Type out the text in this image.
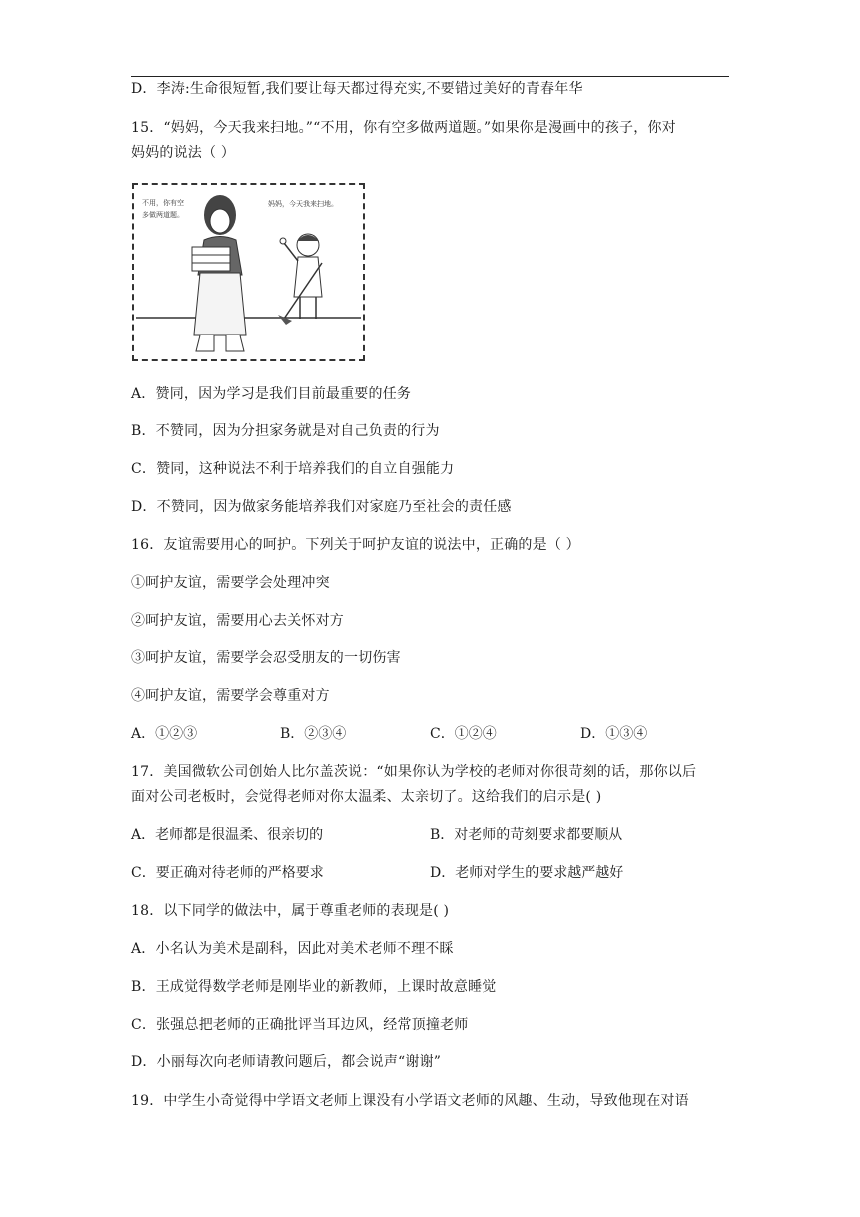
D．李涛:生命很短暂,我们要让每天都过得充实,不要错过美好的青春年华
15．“妈妈，今天我来扫地。”“不用，你有空多做两道题。”如果你是漫画中的孩子，你对
妈妈的说法（ ）
不用，你有空
多做两道题。
妈妈，今天我来扫地。
A．赞同，因为学习是我们目前最重要的任务
B．不赞同，因为分担家务就是对自己负责的行为
C．赞同，这种说法不利于培养我们的自立自强能力
D．不赞同，因为做家务能培养我们对家庭乃至社会的责任感
16．友谊需要用心的呵护。下列关于呵护友谊的说法中，正确的是（ ）
①呵护友谊，需要学会处理冲突
②呵护友谊，需要用心去关怀对方
③呵护友谊，需要学会忍受朋友的一切伤害
④呵护友谊，需要学会尊重对方
A．①②③	B．②③④	C．①②④	D．①③④
17．美国微软公司创始人比尔盖茨说：“如果你认为学校的老师对你很苛刻的话，那你以后
面对公司老板时，会觉得老师对你太温柔、太亲切了。这给我们的启示是( )
A．老师都是很温柔、很亲切的	B．对老师的苛刻要求都要顺从
C．要正确对待老师的严格要求	D．老师对学生的要求越严越好
18．以下同学的做法中，属于尊重老师的表现是( )
A．小名认为美术是副科，因此对美术老师不理不睬
B．王成觉得数学老师是刚毕业的新教师，上课时故意睡觉
C．张强总把老师的正确批评当耳边风，经常顶撞老师
D．小丽每次向老师请教问题后，都会说声“谢谢”
19．中学生小奇觉得中学语文老师上课没有小学语文老师的风趣、生动，导致他现在对语
